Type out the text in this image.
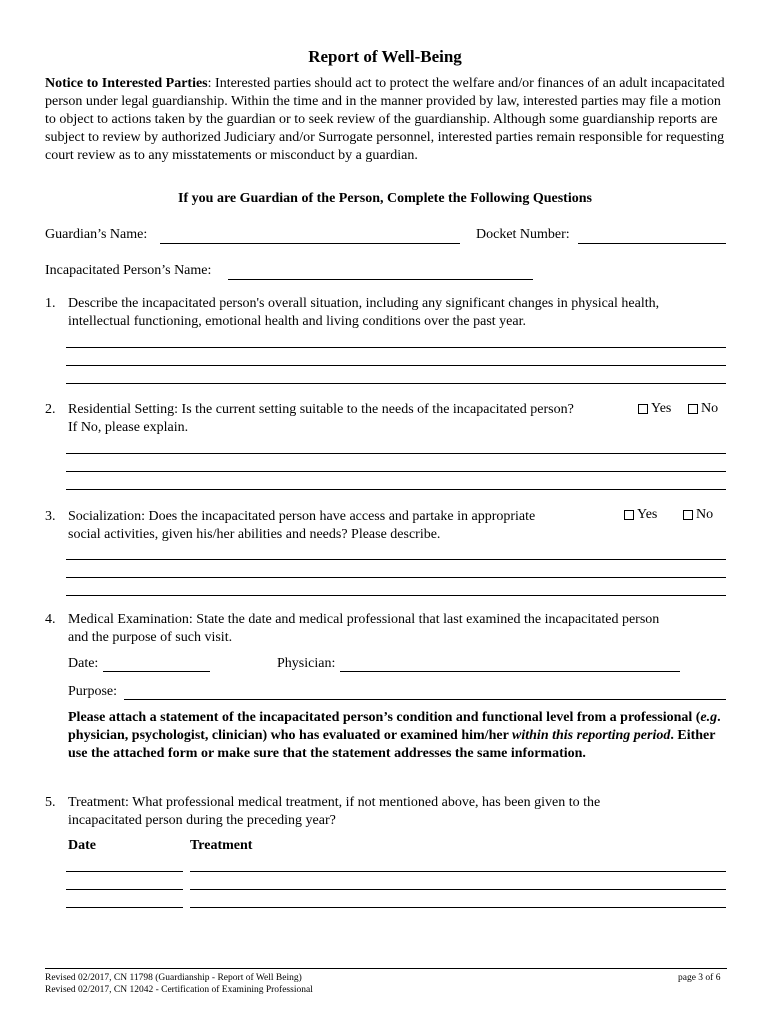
Report of Well-Being
Notice to Interested Parties: Interested parties should act to protect the welfare and/or finances of an adult incapacitated person under legal guardianship. Within the time and in the manner provided by law, interested parties may file a motion to object to actions taken by the guardian or to seek review of the guardianship. Although some guardianship reports are subject to review by authorized Judiciary and/or Surrogate personnel, interested parties remain responsible for requesting court review as to any misstatements or misconduct by a guardian.
If you are Guardian of the Person, Complete the Following Questions
Guardian’s Name:	Docket Number:
Incapacitated Person’s Name:
1. Describe the incapacitated person's overall situation, including any significant changes in physical health,
intellectual functioning, emotional health and living conditions over the past year.
2. Residential Setting: Is the current setting suitable to the needs of the incapacitated person?
If No, please explain.
Yes No
3. Socialization: Does the incapacitated person have access and partake in appropriate
social activities, given his/her abilities and needs? Please describe.
Yes	No
4. Medical Examination: State the date and medical professional that last examined the incapacitated person
and the purpose of such visit.
Date:	Physician:
Purpose:
Please attach a statement of the incapacitated person’s condition and functional level from a professional (e.g. physician, psychologist, clinician) who has evaluated or examined him/her within this reporting period. Either use the attached form or make sure that the statement addresses the same information.
5. Treatment: What professional medical treatment, if not mentioned above, has been given to the
incapacitated person during the preceding year?
Date	Treatment
Revised 02/2017, CN 11798 (Guardianship - Report of Well Being)
Revised 02/2017, CN 12042 - Certification of Examining Professional
page 3 of 6
